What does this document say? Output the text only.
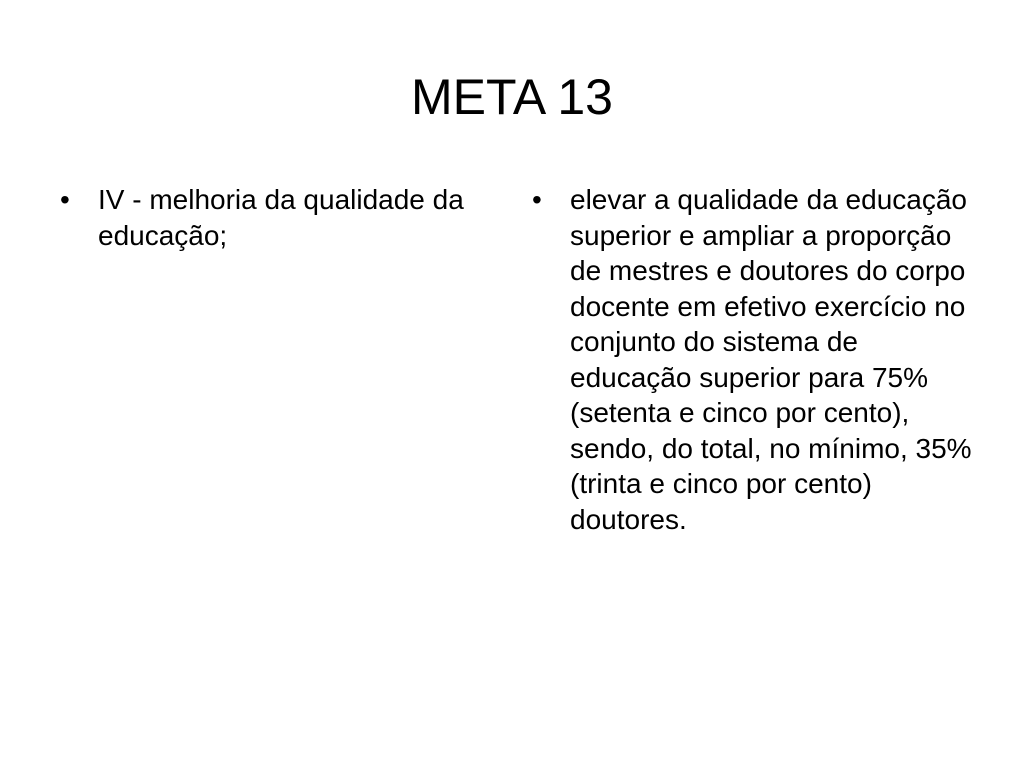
META 13
•	IV - melhoria da qualidade da educação;
•	elevar a qualidade da educação superior e ampliar a proporção de mestres e doutores do corpo docente em efetivo exercício no conjunto do sistema de educação superior para 75% (setenta e cinco por cento), sendo, do total, no mínimo, 35% (trinta e cinco por cento) doutores.
